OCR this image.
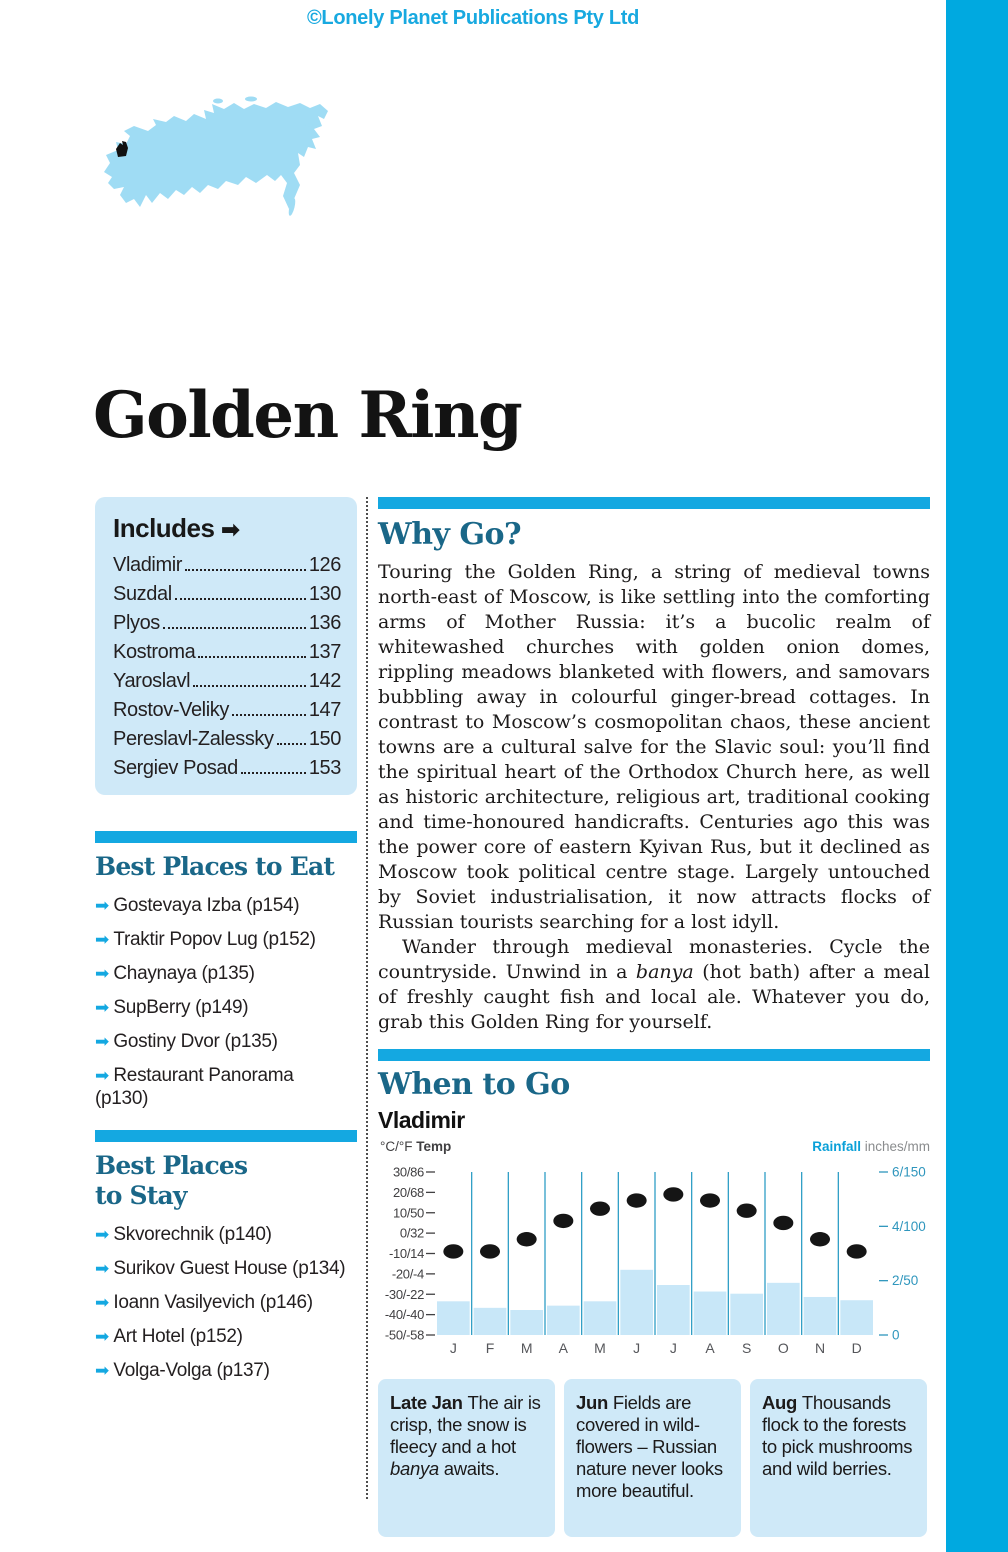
©Lonely Planet Publications Pty Ltd
Golden Ring
Includes ➡
Vladimir	126
Suzdal	130
Plyos	136
Kostroma	137
Yaroslavl	142
Rostov-Veliky	147
Pereslavl-Zalessky 150
Sergiev Posad	153
Best Places to Eat
➡ Gostevaya Izba (p154)
➡ Traktir Popov Lug (p152)
➡ Chaynaya (p135)
➡ SupBerry (p149)
➡ Gostiny Dvor (p135)
➡ Restaurant Panorama (p130)
Best Places
to Stay
➡ Skvorechnik (p140)
➡ Surikov Guest House (p134)
➡ Ioann Vasilyevich (p146)
➡ Art Hotel (p152)
➡ Volga-Volga (p137)
Why Go?

Touring the Golden Ring, a string of medieval towns north-east of Moscow, is like settling into the comforting arms of Mother Russia: it’s a bucolic realm of whitewashed churches with golden onion domes, rippling meadows blanketed with flowers, and samovars bubbling away in colourful ginger-bread cottages. In contrast to Moscow’s cosmopolitan chaos, these ancient towns are a cultural salve for the Slavic soul: you’ll find the spiritual heart of the Orthodox Church here, as well as historic architecture, religious art, traditional cooking and time-honoured handicrafts. Centuries ago this was the power core of eastern Kyivan Rus, but it declined as Moscow took political centre stage. Largely untouched by Soviet industrialisation, it now attracts flocks of Russian tourists searching for a lost idyll.

Wander through medieval monasteries. Cycle the countryside. Unwind in a banya (hot bath) after a meal of freshly caught fish and local ale. Whatever you do, grab this Golden Ring for yourself.

When to Go
Vladimir
°C/°F Temp	Rainfall inches/mm
30/86
20/68
10/50
0/32
-10/14
-20/-4
-30/-22
-40/-40
-50/-58
6/150
4/100
2/50
0
J F M A M J J A S O N D
Late Jan The air is crisp, the snow is fleecy and a hot banya awaits.
Jun Fields are covered in wild-flowers – Russian nature never looks more beautiful.
Aug Thousands flock to the forests to pick mushrooms and wild berries.
